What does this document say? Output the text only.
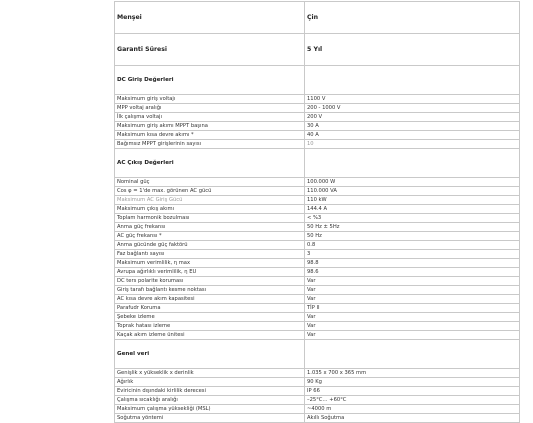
Menşei	Çin
Garanti Süresi	5 Yıl
DC Giriş Değerleri	
Maksimum giriş voltajı	1100 V
MPP voltaj aralığı	200 - 1000 V
İlk çalışma voltajı	200 V
Maksimum giriş akımı MPPT başına	30 A
Maksimum kısa devre akımı *	40 A
Bağımsız MPPT girişlerinin sayısı	10
AC Çıkış Değerleri	
Nominal güç	100.000 W
Cos φ = 1'de max. görünen AC gücü	110.000 VA
Maksimum AC Giriş Gücü	110 kW
Maksimum çıkış akımı	144.4 A
Toplam harmonik bozulması	< %3
Anma güç frekansı	50 Hz ± 5Hz
AC güç frekansı *	50 Hz
Anma gücünde güç faktörü	0.8
Faz bağlantı sayısı	3
Maksimum verimlilik, η max	98.8
Avrupa ağırlıklı verimlilik, η EU	98.6
DC ters polarite koruması	Var
Giriş tarafı bağlantı kesme noktası	Var
AC kısa devre akım kapasitesi	Var
Parafudr Koruma	TİP II
Şebeke izleme	Var
Toprak hatası izleme	Var
Kaçak akım izleme ünitesi	Var
Genel veri	
Genişlik x yükseklik x derinlik	1.035 x 700 x 365 mm
Ağırlık	90 Kg
Eviricinin dışındaki kirlilik derecesi	IP 66
Çalışma sıcaklığı aralığı	–25°C… +60°C
Maksimum çalışma yüksekliği (MSL)	~4000 m
Soğutma yöntemi	Akıllı Soğutma
